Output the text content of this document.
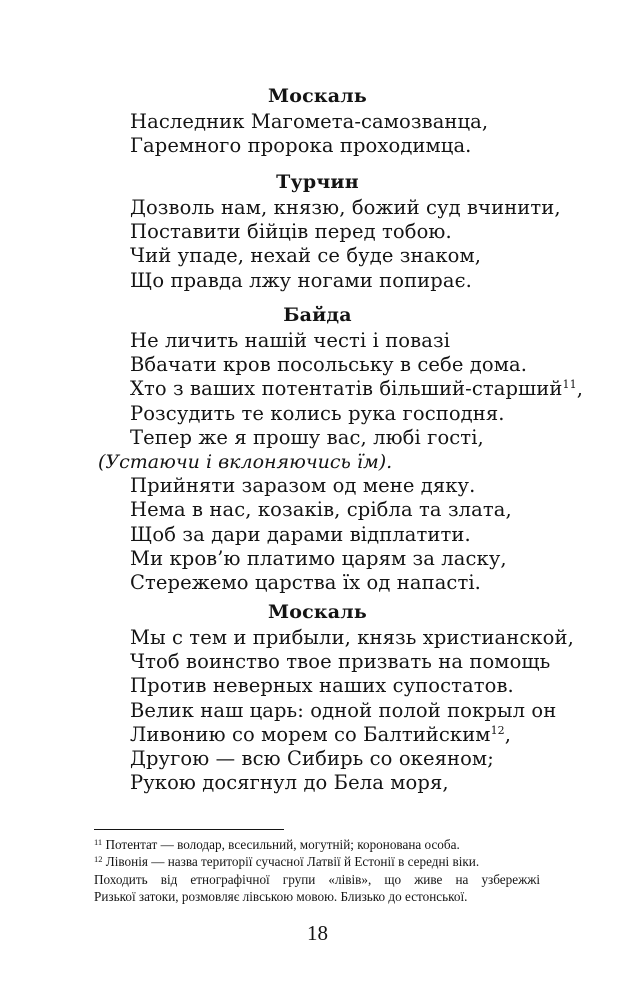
18
Москаль
Наследник Магомета-самозванца,
Гаремного пророка проходимца.
Турчин
Дозволь нам, князю, божий суд вчинити,
Поставити бійців перед тобою.
Чий упаде, нехай се буде знаком,
Що правда лжу ногами попирає.
Байда
Не личить нашій честі і повазі
Вбачати кров посольську в себе дома.
Хто з ваших потентатів більший-старший$^{11}$,
Розсудить те колись рука господня.
Тепер же я прошу вас, любі гості,
(Устаючи і вклоняючись їм).
Прийняти заразом од мене дяку.
Нема в нас, козаків, срібла та злата,
Щоб за дари дарами відплатити.
Ми кров’ю платимо царям за ласку,
Стережемо царства їх од напасті.
Москаль
Мы с тем и прибыли, князь христианской,
Чтоб воинство твое призвать на помощь
Против неверных наших супостатов.
Велик наш царь: одной полой покрыл он
Ливонию со морем со Балтийским$^{12}$,
Другою — всю Сибирь со океяном;
Рукою досягнул до Бела моря,
$^{11}$ Потентат — володар, всесильний, могутній; коронована особа.
$^{12}$ Лівонія — назва території сучасної Латвії й Естонії в середні віки.
Походить від етнографічної групи «лівів», що живе на узбережжі
Ризької затоки, розмовляє лівською мовою. Близько до естонської.
